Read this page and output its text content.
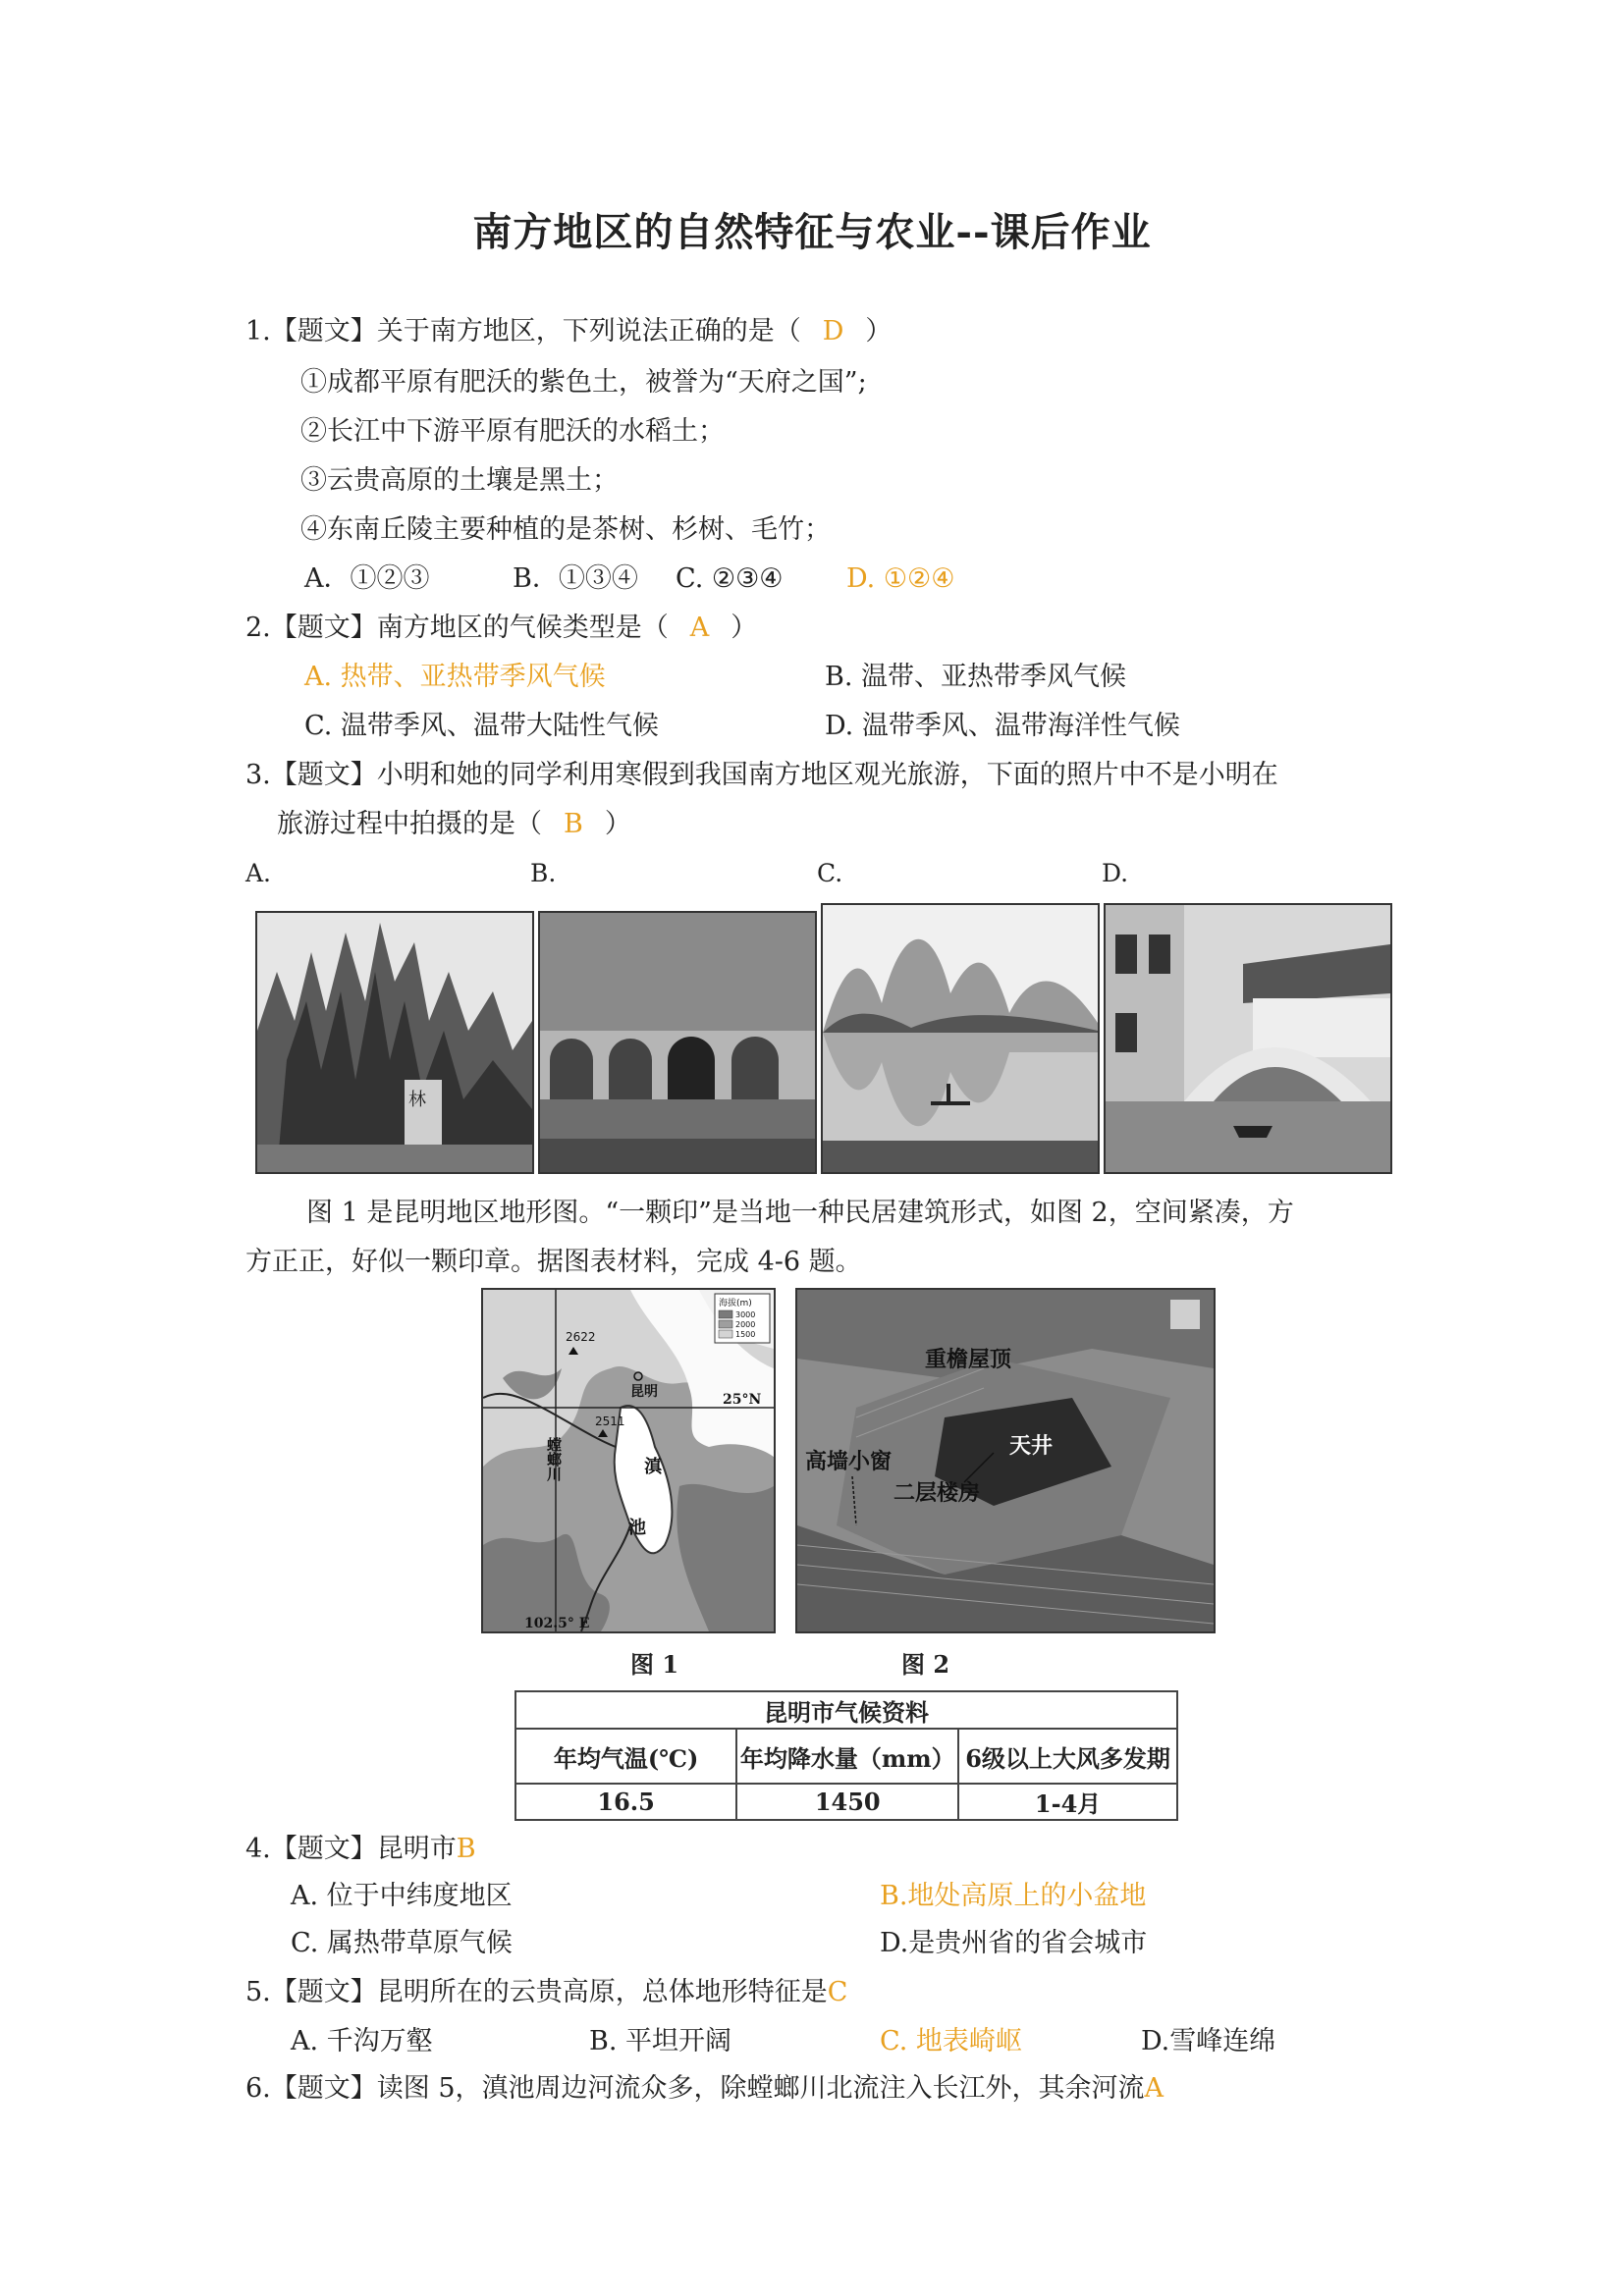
南方地区的自然特征与农业--课后作业
1.【题文】关于南方地区，下列说法正确的是（ D ）
①成都平原有肥沃的紫色土，被誉为“天府之国”;
②长江中下游平原有肥沃的水稻土；
③云贵高原的土壤是黑土；
④东南丘陵主要种植的是茶树、杉树、毛竹；
A．①②③	B．①③④ C. ②③④ D. ①②④
2.【题文】南方地区的气候类型是（ A ）
A. 热带、亚热带季风气候	B. 温带、亚热带季风气候
C. 温带季风、温带大陆性气候	D. 温带季风、温带海洋性气候
3.【题文】小明和她的同学利用寒假到我国南方地区观光旅游，下面的照片中不是小明在
旅游过程中拍摄的是（ B ）
A.	B.	C.	D.
林
图 1 是昆明地区地形图。“一颗印”是当地一种民居建筑形式，如图 2，空间紧凑，方
方正正，好似一颗印章。据图表材料，完成 4-6 题。
海拔(m)
3000
2000
1500
2622
昆明	25°N
2511
螳螂川	滇
池
102.5° E
重檐屋顶
天井
高墙小窗
二层楼房
图 1	图 2
昆明市气候资料		
年均气温(℃)	年均降水量（mm）	6级以上大风多发期
16.5	1450	1-4月
4.【题文】昆明市B
A. 位于中纬度地区	B.地处高原上的小盆地
C. 属热带草原气候	D.是贵州省的省会城市
5.【题文】昆明所在的云贵高原，总体地形特征是C
A. 千沟万壑	B. 平坦开阔	C. 地表崎岖	D.雪峰连绵
6.【题文】读图 5，滇池周边河流众多，除螳螂川北流注入长江外，其余河流A
